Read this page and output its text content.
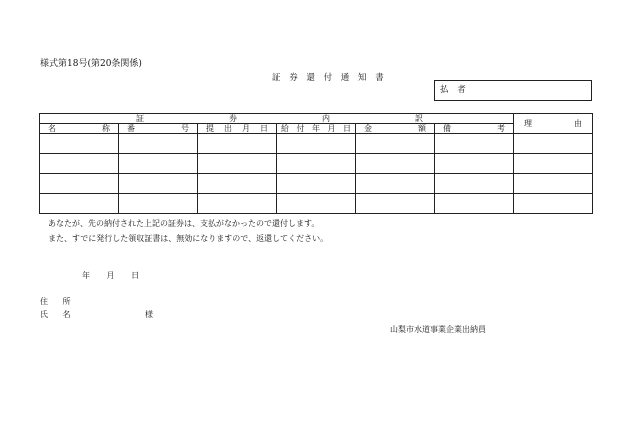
様式第18号(第20条関係)
証 券 還 付 通 知 書
払 者
証 券 内 訳						理 由

名 称	番 号	提 出 月 日	給 付 年 月 日	金 額	備 考	

あなたが、先の納付された上記の証券は、支払がなかったので還付します。
また、すでに発行した領収証書は、無効になりますので、返還してください。
年 月 日
住 所
氏 名	様
山梨市水道事業企業出納員
